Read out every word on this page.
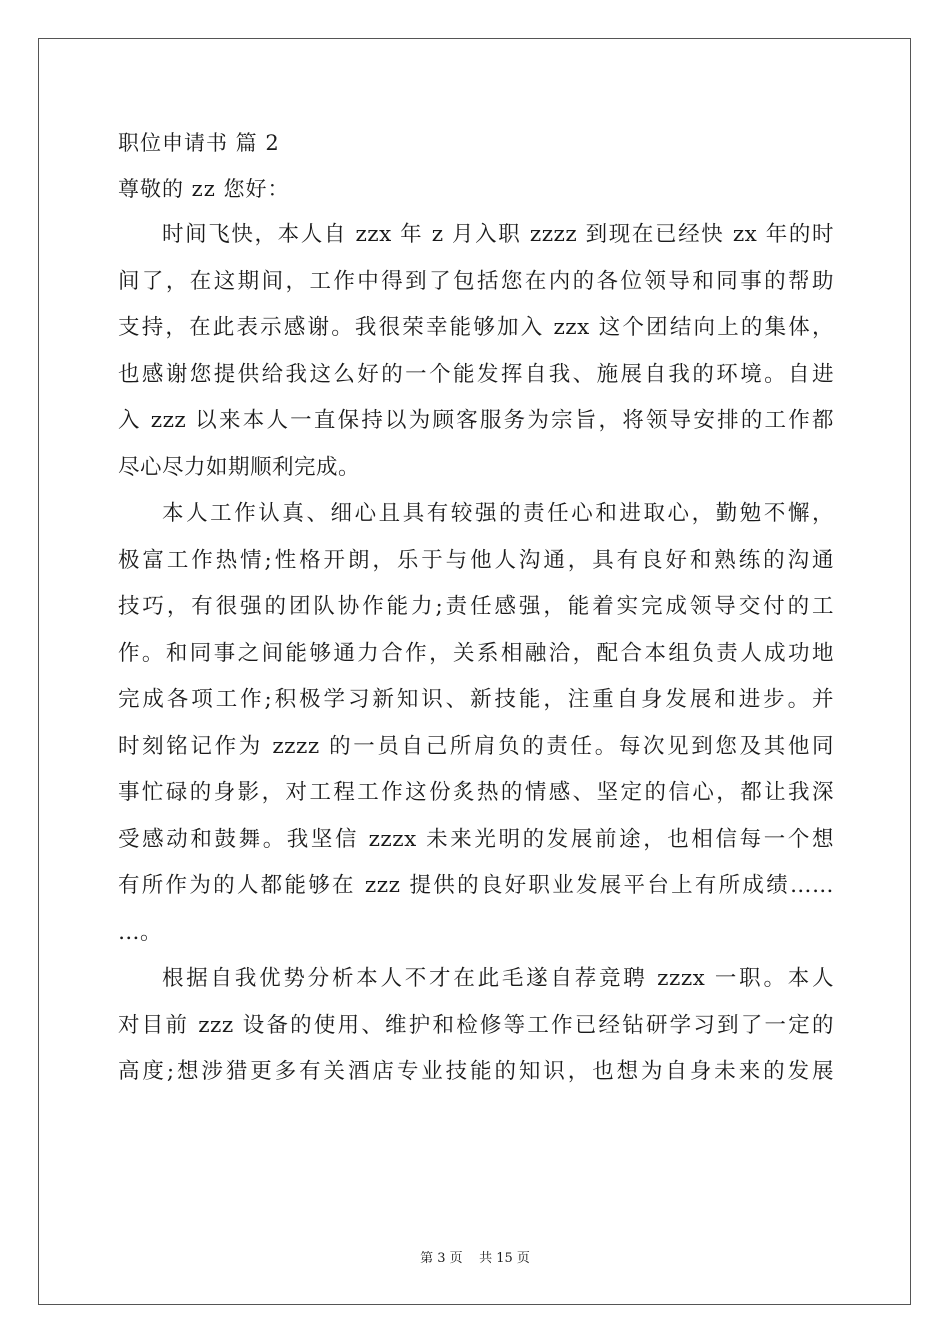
职位申请书 篇 2

尊敬的 zz 您好：

时间飞快，本人自 zzx 年 z 月入职 zzzz 到现在已经快 zx 年的时

间了，在这期间，工作中得到了包括您在内的各位领导和同事的帮助

支持，在此表示感谢。我很荣幸能够加入 zzx 这个团结向上的集体，

也感谢您提供给我这么好的一个能发挥自我、施展自我的环境。自进

入 zzz 以来本人一直保持以为顾客服务为宗旨，将领导安排的工作都

尽心尽力如期顺利完成。

本人工作认真、细心且具有较强的责任心和进取心，勤勉不懈，

极富工作热情;性格开朗，乐于与他人沟通，具有良好和熟练的沟通

技巧，有很强的团队协作能力;责任感强，能着实完成领导交付的工

作。和同事之间能够通力合作，关系相融洽，配合本组负责人成功地

完成各项工作;积极学习新知识、新技能，注重自身发展和进步。并

时刻铭记作为 zzzz 的一员自己所肩负的责任。每次见到您及其他同

事忙碌的身影，对工程工作这份炙热的情感、坚定的信心，都让我深

受感动和鼓舞。我坚信 zzzx 未来光明的发展前途，也相信每一个想

有所作为的人都能够在 zzz 提供的良好职业发展平台上有所成绩……

…。

根据自我优势分析本人不才在此毛遂自荐竞聘 zzzx 一职。本人

对目前 zzz 设备的使用、维护和检修等工作已经钻研学习到了一定的

高度;想涉猎更多有关酒店专业技能的知识，也想为自身未来的发展

第 3 页    共 15 页
